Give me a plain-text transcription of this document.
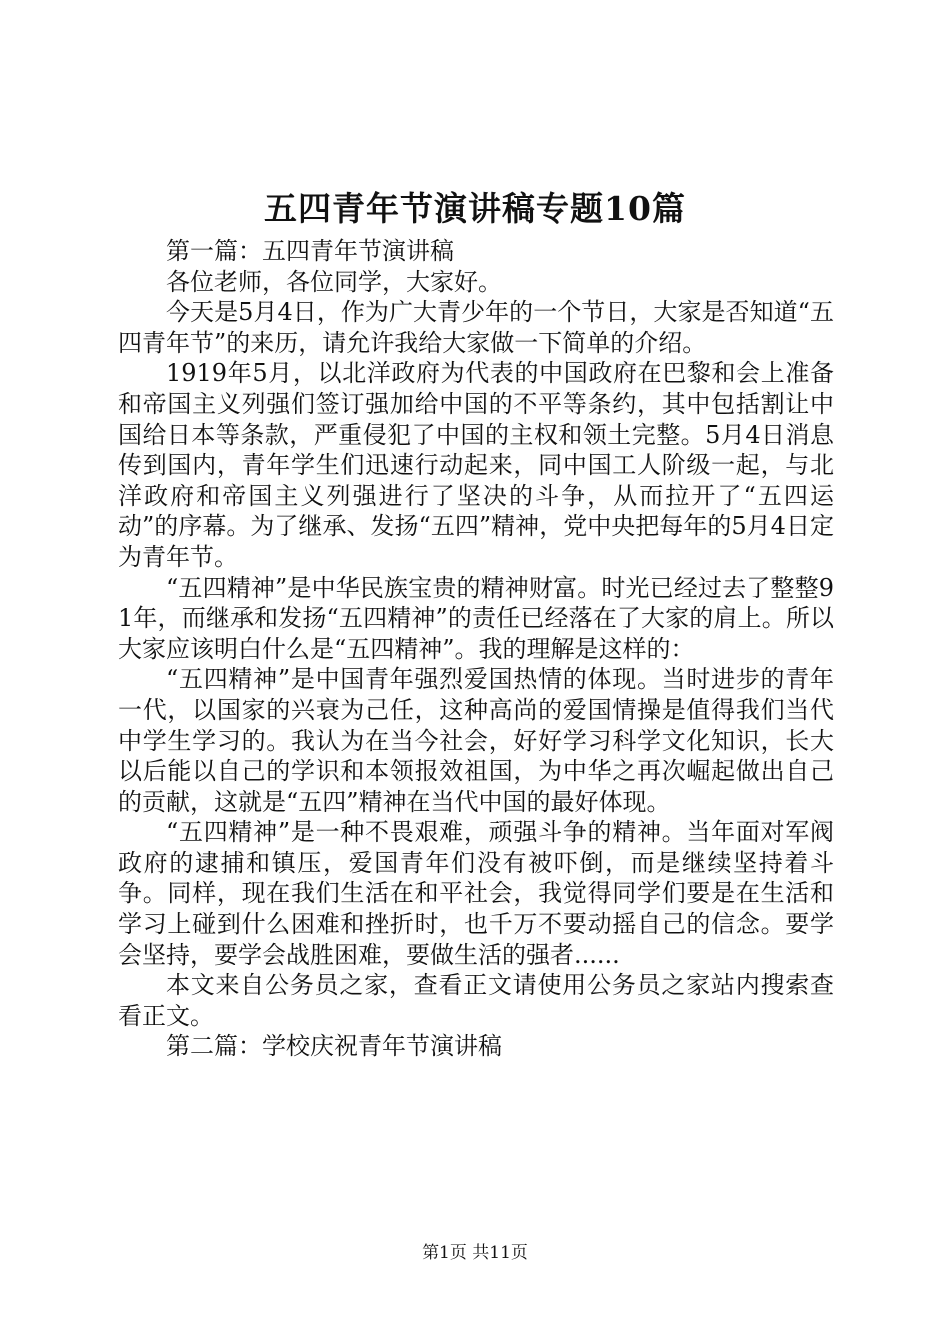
五四青年节演讲稿专题10篇

第一篇：五四青年节演讲稿

各位老师，各位同学，大家好。

今天是5月4日，作为广大青少年的一个节日，大家是否知道“五四青年节”的来历，请允许我给大家做一下简单的介绍。

1919年5月，以北洋政府为代表的中国政府在巴黎和会上准备和帝国主义列强们签订强加给中国的不平等条约，其中包括割让中国给日本等条款，严重侵犯了中国的主权和领土完整。5月4日消息传到国内，青年学生们迅速行动起来，同中国工人阶级一起，与北洋政府和帝国主义列强进行了坚决的斗争，从而拉开了“五四运动”的序幕。为了继承、发扬“五四”精神，党中央把每年的5月4日定为青年节。

“五四精神”是中华民族宝贵的精神财富。时光已经过去了整整91年，而继承和发扬“五四精神”的责任已经落在了大家的肩上。所以大家应该明白什么是“五四精神”。我的理解是这样的：

“五四精神”是中国青年强烈爱国热情的体现。当时进步的青年一代，以国家的兴衰为己任，这种高尚的爱国情操是值得我们当代中学生学习的。我认为在当今社会，好好学习科学文化知识，长大以后能以自己的学识和本领报效祖国，为中华之再次崛起做出自己的贡献，这就是“五四”精神在当代中国的最好体现。

“五四精神”是一种不畏艰难，顽强斗争的精神。当年面对军阀政府的逮捕和镇压，爱国青年们没有被吓倒，而是继续坚持着斗争。同样，现在我们生活在和平社会，我觉得同学们要是在生活和学习上碰到什么困难和挫折时，也千万不要动摇自己的信念。要学会坚持，要学会战胜困难，要做生活的强者......

本文来自公务员之家，查看正文请使用公务员之家站内搜索查看正文。

第二篇：学校庆祝青年节演讲稿

第1页 共11页
